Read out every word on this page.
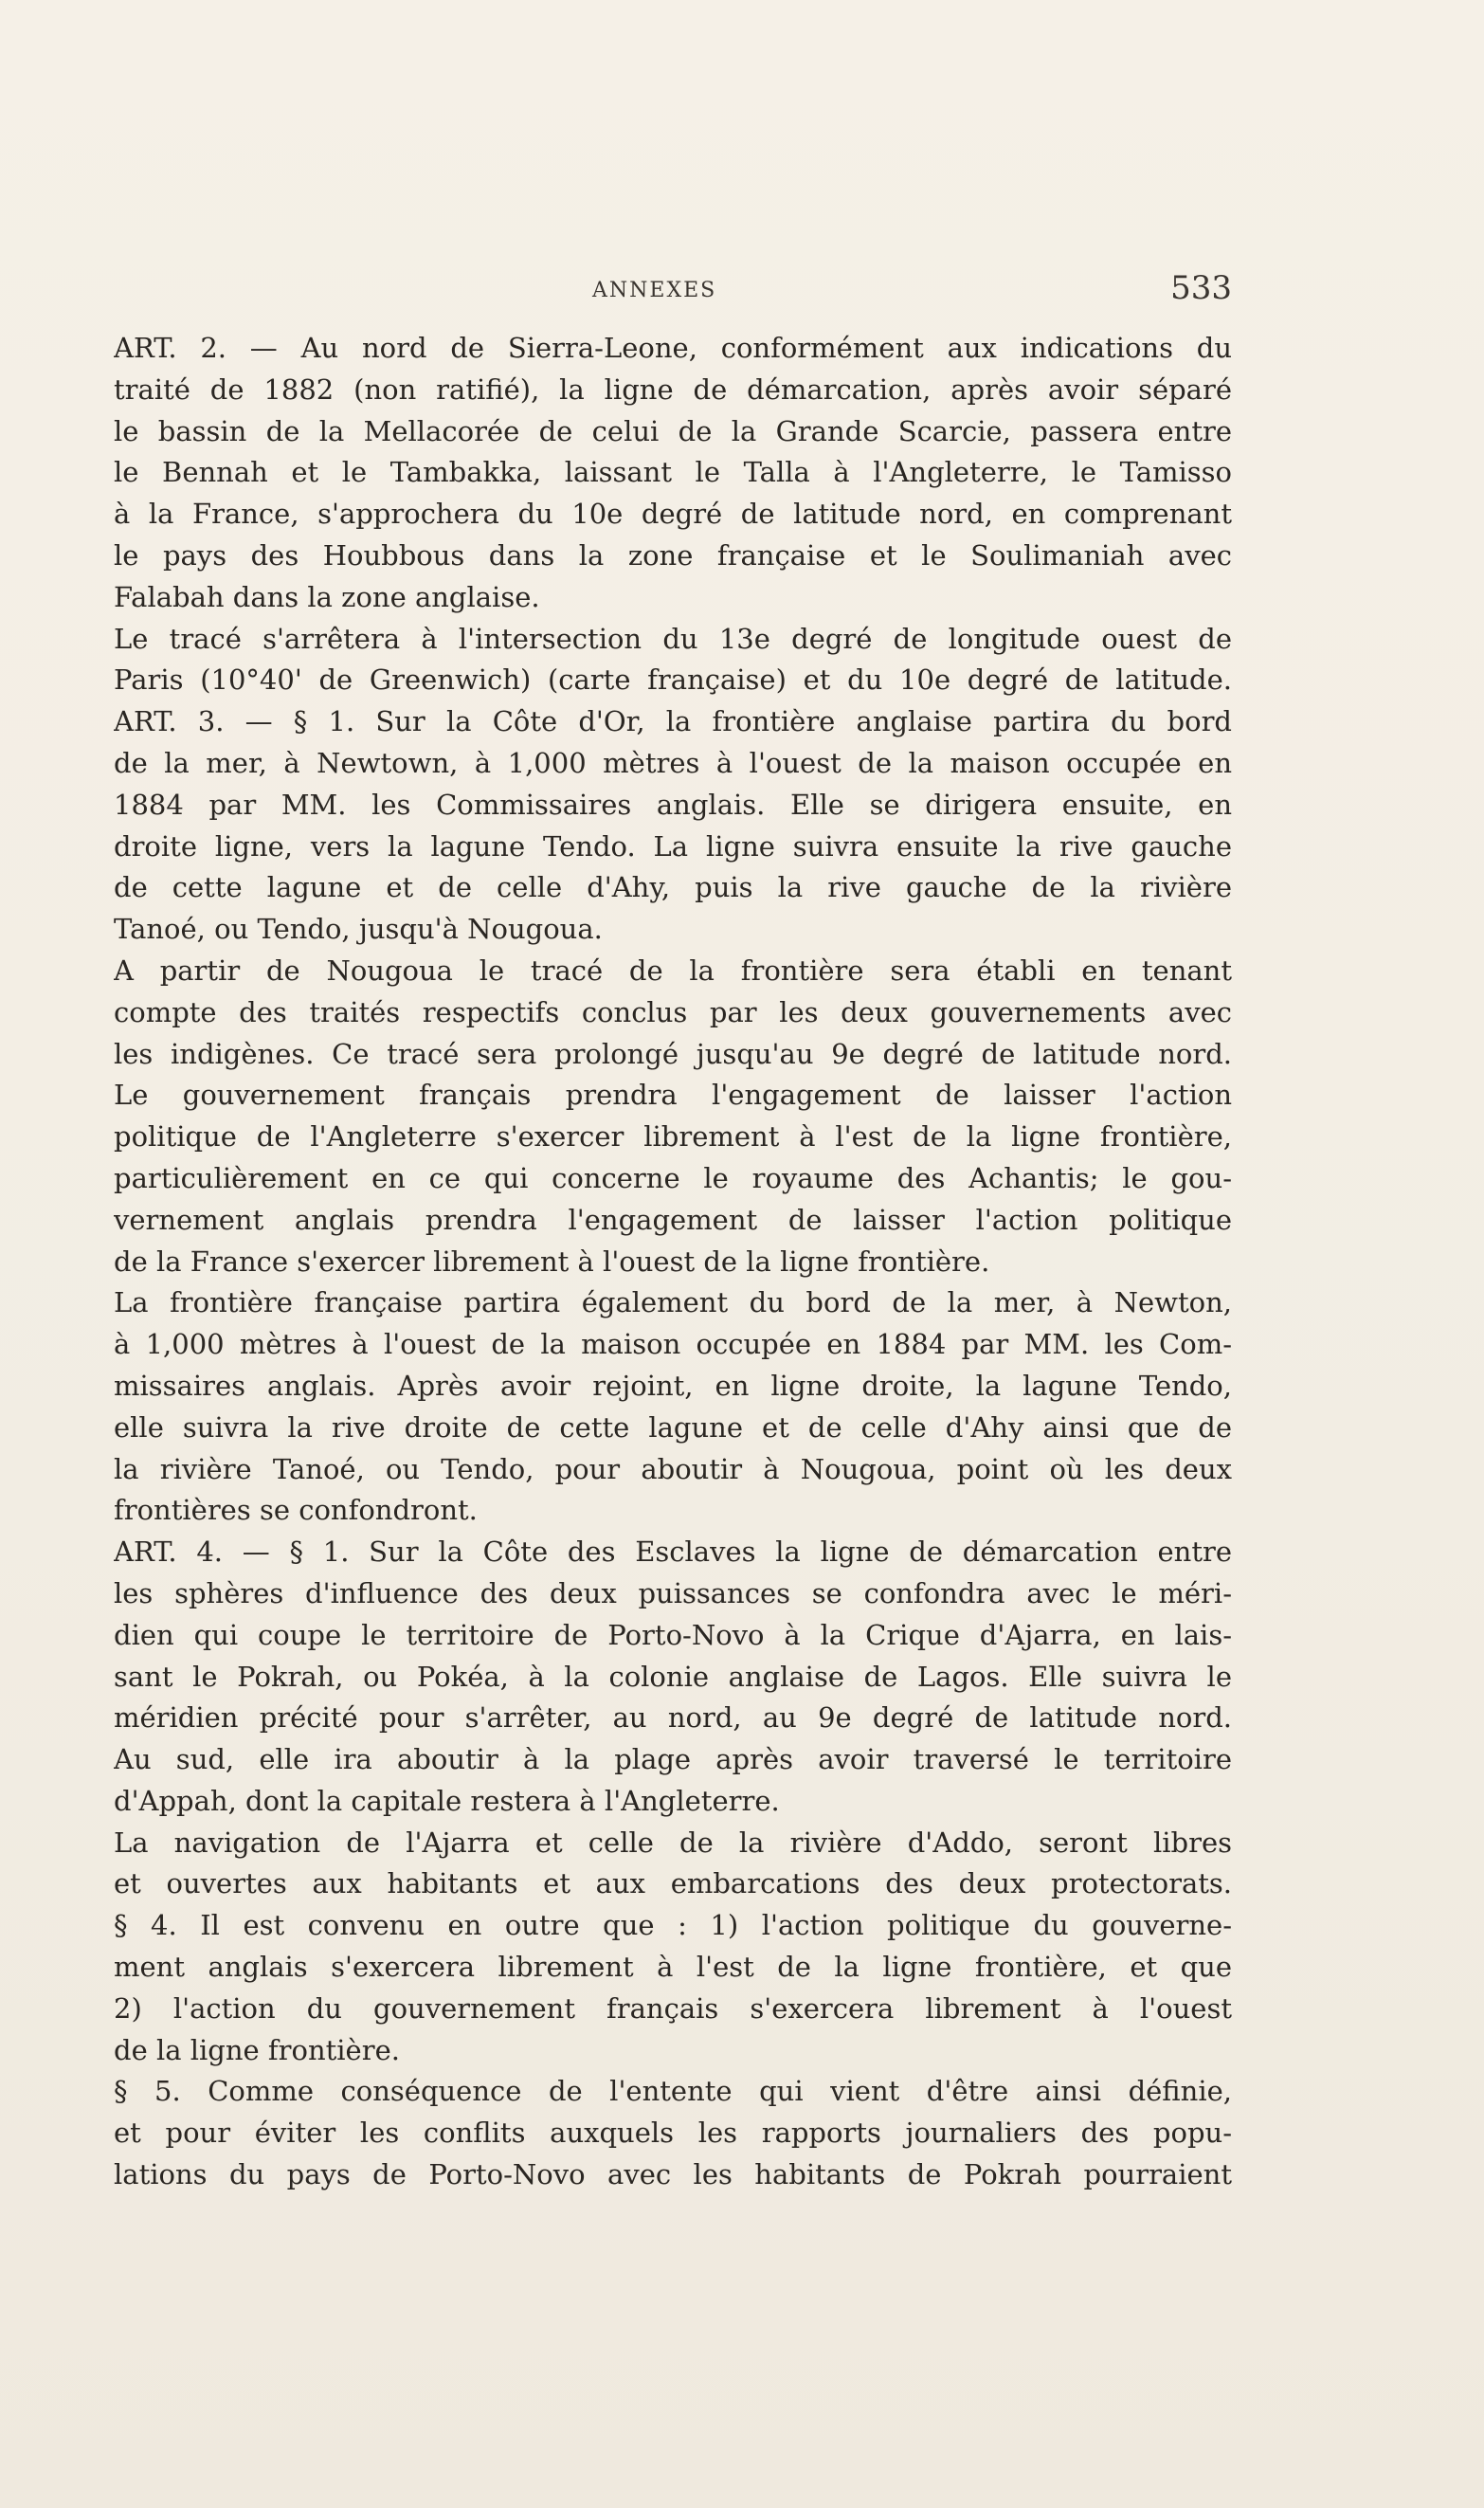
ANNEXES	533
ART. 2. — Au nord de Sierra-Leone, conformément aux indications du
traité de 1882 (non ratifié), la ligne de démarcation, après avoir séparé
le bassin de la Mellacorée de celui de la Grande Scarcie, passera entre
le Bennah et le Tambakka, laissant le Talla à l'Angleterre, le Tamisso
à la France, s'approchera du 10e degré de latitude nord, en comprenant
le pays des Houbbous dans la zone française et le Soulimaniah avec
Falabah dans la zone anglaise.
Le tracé s'arrêtera à l'intersection du 13e degré de longitude ouest de
Paris (10°40' de Greenwich) (carte française) et du 10e degré de latitude.
ART. 3. — § 1. Sur la Côte d'Or, la frontière anglaise partira du bord
de la mer, à Newtown, à 1,000 mètres à l'ouest de la maison occupée en
1884 par MM. les Commissaires anglais. Elle se dirigera ensuite, en
droite ligne, vers la lagune Tendo. La ligne suivra ensuite la rive gauche
de cette lagune et de celle d'Ahy, puis la rive gauche de la rivière
Tanoé, ou Tendo, jusqu'à Nougoua.
A partir de Nougoua le tracé de la frontière sera établi en tenant
compte des traités respectifs conclus par les deux gouvernements avec
les indigènes. Ce tracé sera prolongé jusqu'au 9e degré de latitude nord.
Le gouvernement français prendra l'engagement de laisser l'action
politique de l'Angleterre s'exercer librement à l'est de la ligne frontière,
particulièrement en ce qui concerne le royaume des Achantis; le gou-
vernement anglais prendra l'engagement de laisser l'action politique
de la France s'exercer librement à l'ouest de la ligne frontière.
La frontière française partira également du bord de la mer, à Newton,
à 1,000 mètres à l'ouest de la maison occupée en 1884 par MM. les Com-
missaires anglais. Après avoir rejoint, en ligne droite, la lagune Tendo,
elle suivra la rive droite de cette lagune et de celle d'Ahy ainsi que de
la rivière Tanoé, ou Tendo, pour aboutir à Nougoua, point où les deux
frontières se confondront.
ART. 4. — § 1. Sur la Côte des Esclaves la ligne de démarcation entre
les sphères d'influence des deux puissances se confondra avec le méri-
dien qui coupe le territoire de Porto-Novo à la Crique d'Ajarra, en lais-
sant le Pokrah, ou Pokéa, à la colonie anglaise de Lagos. Elle suivra le
méridien précité pour s'arrêter, au nord, au 9e degré de latitude nord.
Au sud, elle ira aboutir à la plage après avoir traversé le territoire
d'Appah, dont la capitale restera à l'Angleterre.
La navigation de l'Ajarra et celle de la rivière d'Addo, seront libres
et ouvertes aux habitants et aux embarcations des deux protectorats.
§ 4. Il est convenu en outre que : 1) l'action politique du gouverne-
ment anglais s'exercera librement à l'est de la ligne frontière, et que
2) l'action du gouvernement français s'exercera librement à l'ouest
de la ligne frontière.
§ 5. Comme conséquence de l'entente qui vient d'être ainsi définie,
et pour éviter les conflits auxquels les rapports journaliers des popu-
lations du pays de Porto-Novo avec les habitants de Pokrah pourraient
